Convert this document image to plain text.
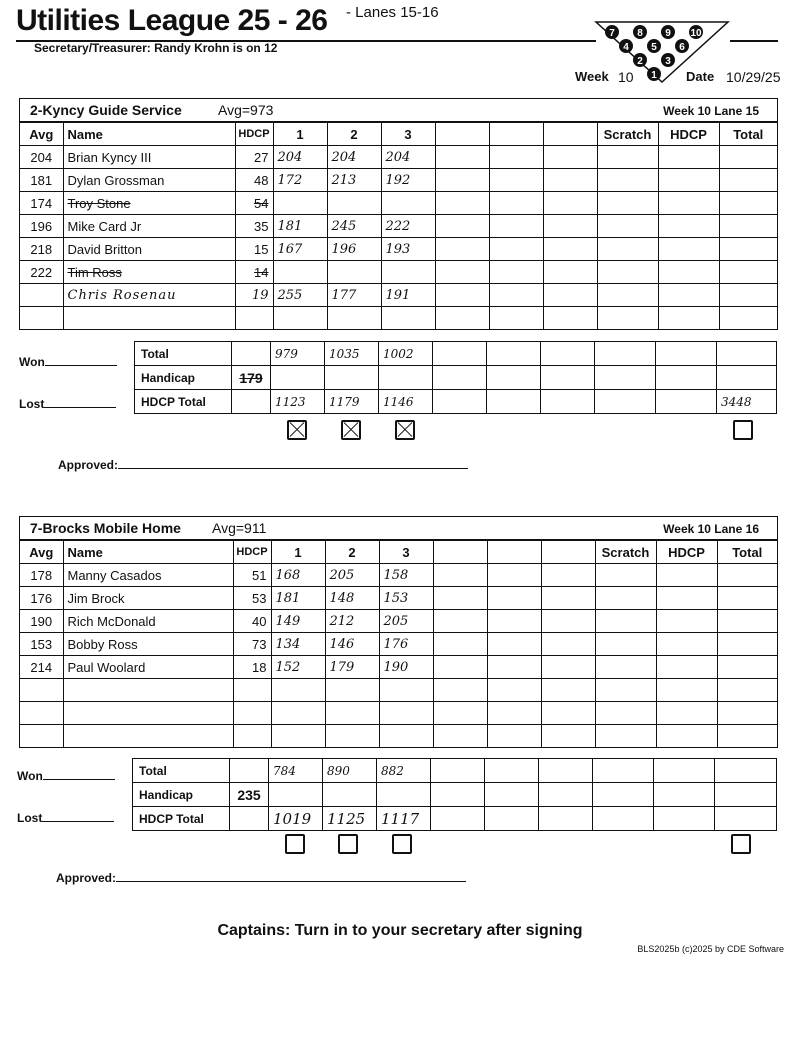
Utilities League 25 - 26 - Lanes 15-16
Secretary/Treasurer: Randy Krohn is on 12
7 8 9 10
4 5 6
2 3
1
Week 10	Date 10/29/25
2-Kyncy Guide Service	Avg=973	Week 10 Lane 15
Avg	Name	HDCP	1	2	3				Scratch	HDCP	Total
204	Brian Kyncy III	27	204	204	204						
181	Dylan Grossman	48	172	213	192						
174	Troy Stone	54									
196	Mike Card Jr	35	181	245	222						
218	David Britton	15	167	196	193						
222	Tim Ross	14									
	Chris Rosenau	19	255	177	191						

Won
Lost
Total		979	1035	1002						
Handicap	179									
HDCP Total		1123	1179	1146						3448
Approved:
7-Brocks Mobile Home Avg=911	Week 10 Lane 16
Avg	Name	HDCP	1	2	3				Scratch	HDCP	Total
178	Manny Casados	51	168	205	158						
176	Jim Brock	53	181	148	153						
190	Rich McDonald	40	149	212	205						
153	Bobby Ross	73	134	146	176						
214	Paul Woolard	18	152	179	190						

Won
Lost
Total		784	890	882						
Handicap	235									
HDCP Total		1019	1125	1117						
Approved:
Captains: Turn in to your secretary after signing
BLS2025b (c)2025 by CDE Software
